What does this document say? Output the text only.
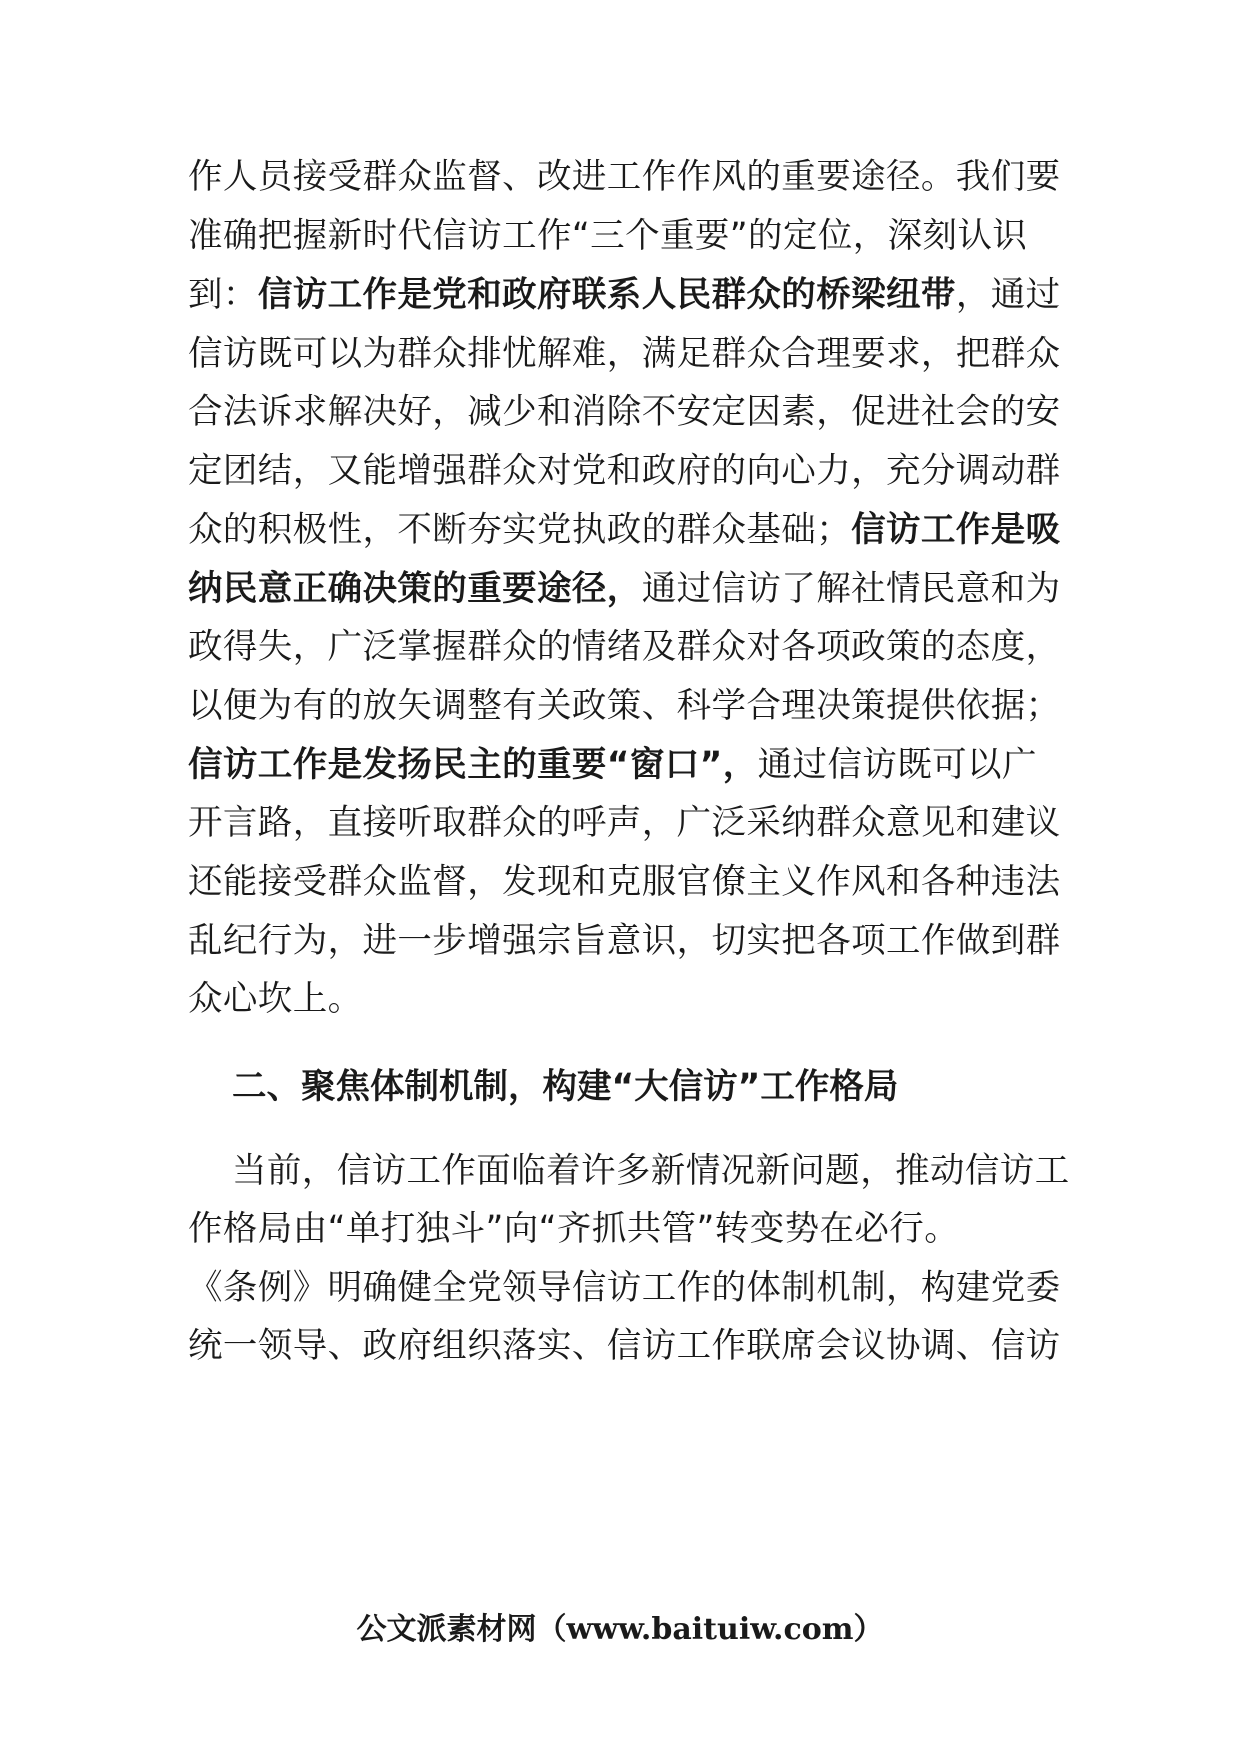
作人员接受群众监督、改进工作作风的重要途径。我们要
准确把握新时代信访工作“三个重要”的定位，深刻认识
到：信访工作是党和政府联系人民群众的桥梁纽带，通过
信访既可以为群众排忧解难，满足群众合理要求，把群众
合法诉求解决好，减少和消除不安定因素，促进社会的安
定团结，又能增强群众对党和政府的向心力，充分调动群
众的积极性，不断夯实党执政的群众基础；信访工作是吸
纳民意正确决策的重要途径，通过信访了解社情民意和为
政得失，广泛掌握群众的情绪及群众对各项政策的态度，
以便为有的放矢调整有关政策、科学合理决策提供依据；
信访工作是发扬民主的重要“窗口”，通过信访既可以广
开言路，直接听取群众的呼声，广泛采纳群众意见和建议
还能接受群众监督，发现和克服官僚主义作风和各种违法
乱纪行为，进一步增强宗旨意识，切实把各项工作做到群
众心坎上。
二、聚焦体制机制，构建“大信访”工作格局
当前，信访工作面临着许多新情况新问题，推动信访工
作格局由“单打独斗”向“齐抓共管”转变势在必行。
《条例》明确健全党领导信访工作的体制机制，构建党委
统一领导、政府组织落实、信访工作联席会议协调、信访
公文派素材网（www.baituiw.com）
